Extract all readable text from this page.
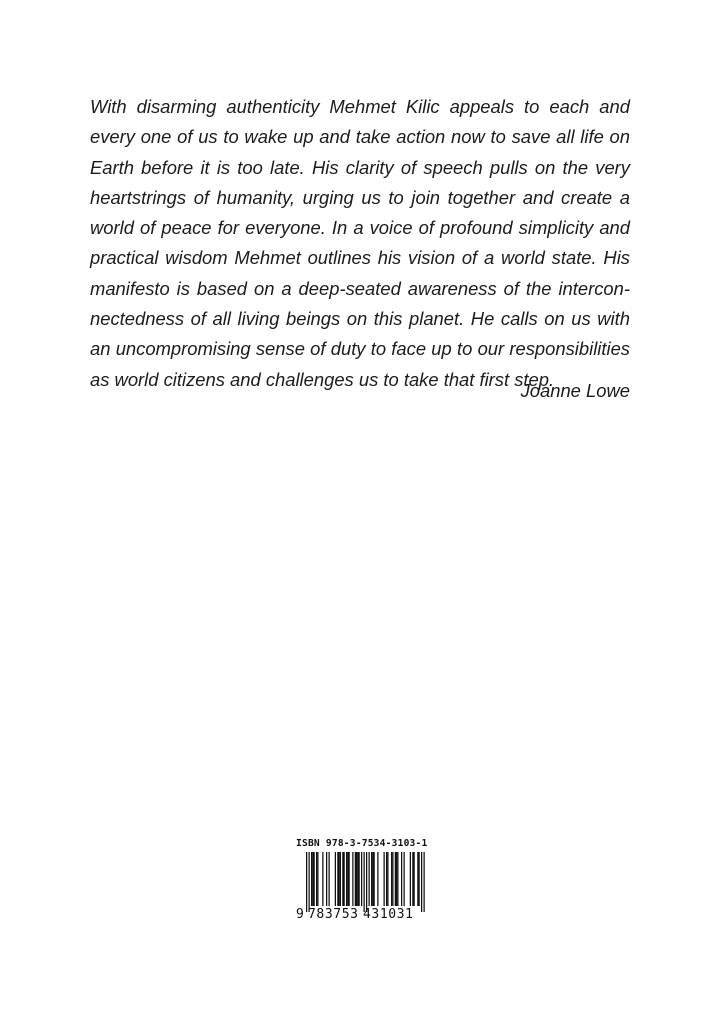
With disarming authenticity Mehmet Kilic appeals to each and every one of us to wake up and take action now to save all life on Earth before it is too late. His clarity of speech pulls on the very heartstrings of humanity, urging us to join together and create a world of peace for everyone. In a voice of profound simplicity and practical wisdom Mehmet outlines his vision of a world state. His manifesto is based on a deep-seated awareness of the interconnectedness of all living beings on this planet. He calls on us with an uncompromising sense of duty to face up to our responsibilities as world citizens and challenges us to take that first step.

Joanne Lowe

ISBN 978-3-7534-3103-1
9 783753 431031
